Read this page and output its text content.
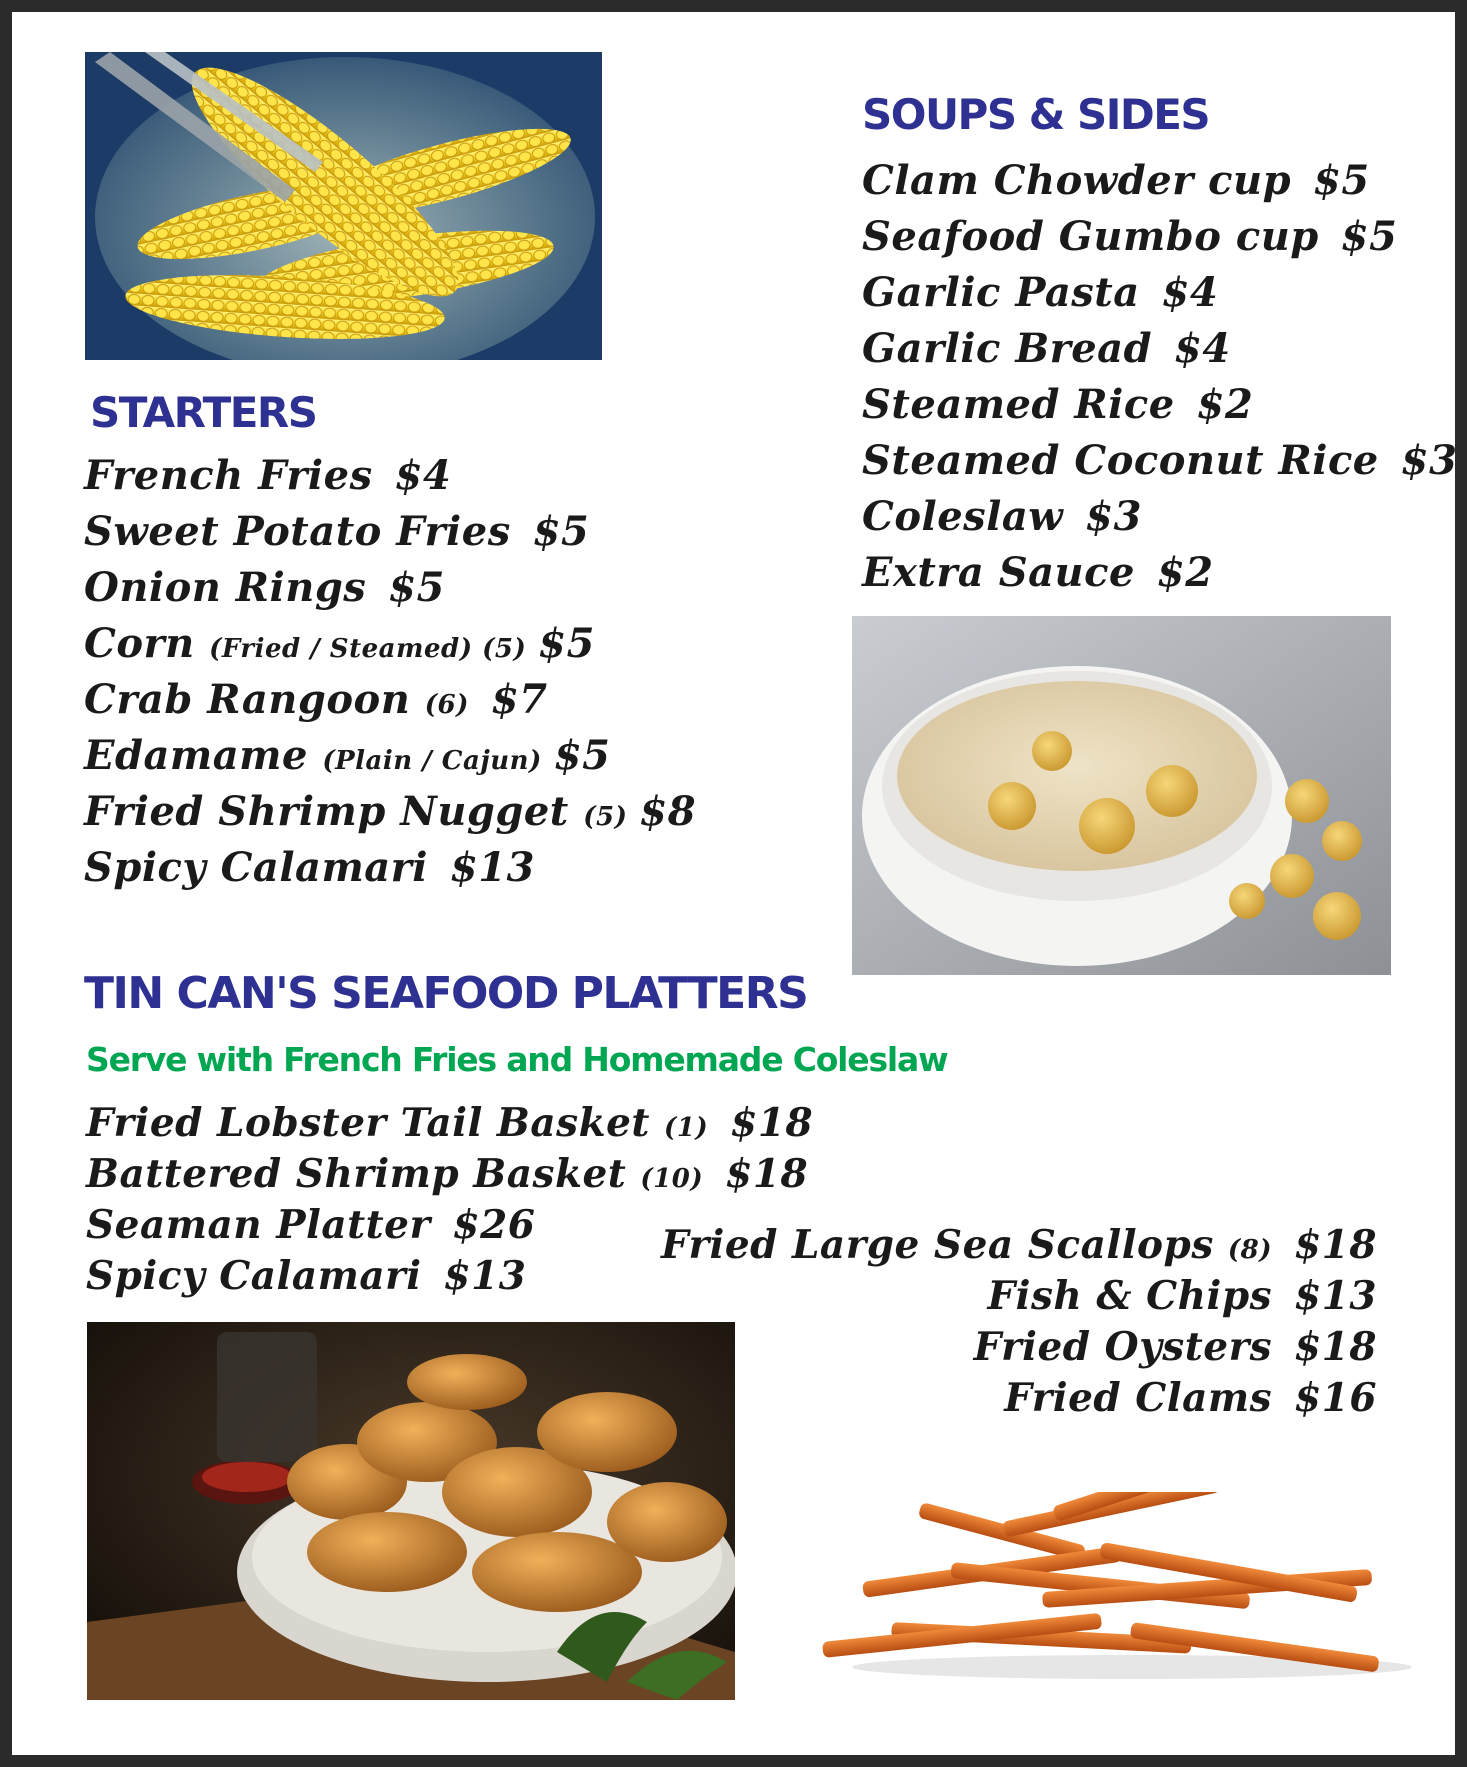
STARTERS
French Fries $4
Sweet Potato Fries $5
Onion Rings $5
Corn (Fried / Steamed) (5) $5
Crab Rangoon (6) $7
Edamame (Plain / Cajun) $5
Fried Shrimp Nugget (5) $8
Spicy Calamari $13
SOUPS & SIDES
Clam Chowder cup $5
Seafood Gumbo cup $5
Garlic Pasta $4
Garlic Bread $4
Steamed Rice $2
Steamed Coconut Rice $3
Coleslaw $3
Extra Sauce $2
TIN CAN'S SEAFOOD PLATTERS

Serve with French Fries and Homemade Coleslaw

Fried Lobster Tail Basket (1) $18
Battered Shrimp Basket (10) $18
Seaman Platter $26
Spicy Calamari $13
Fried Large Sea Scallops (8) $18
Fish & Chips $13
Fried Oysters $18
Fried Clams $16
